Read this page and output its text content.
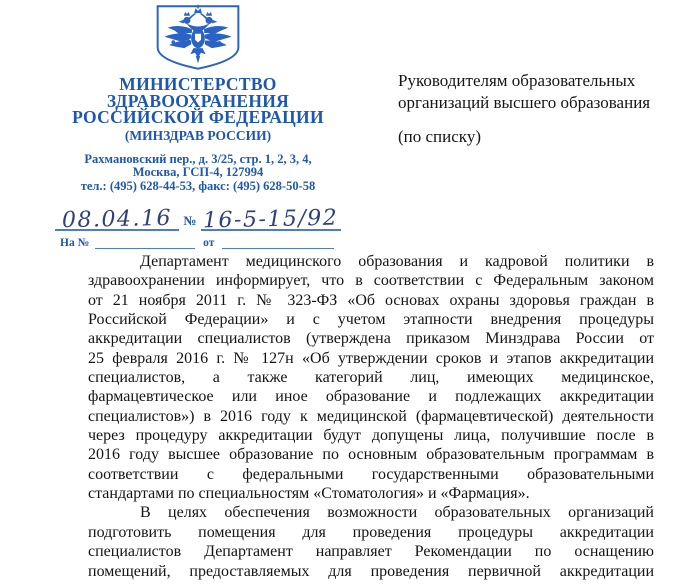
МИНИСТЕРСТВО
ЗДРАВООХРАНЕНИЯ
РОССИЙСКОЙ ФЕДЕРАЦИИ
(МИНЗДРАВ РОССИИ)
Рахмановский пер., д. 3/25, стр. 1, 2, 3, 4,
Москва, ГСП-4, 127994
тел.: (495) 628-44-53, факс: (495) 628-50-58
08.04.16 № 16-5-15/92
На №	от
Руководителям образовательных
организаций высшего образования
(по списку)
Департамент медицинского образования и кадровой политики в
здравоохранении информирует, что в соответствии с Федеральным законом
от 21 ноября 2011 г. № 323-ФЗ «Об основах охраны здоровья граждан в
Российской Федерации» и с учетом этапности внедрения процедуры
аккредитации специалистов (утверждена приказом Минздрава России от
25 февраля 2016 г. № 127н «Об утверждении сроков и этапов аккредитации
специалистов, а также категорий лиц, имеющих медицинское,
фармацевтическое или иное образование и подлежащих аккредитации
специалистов») в 2016 году к медицинской (фармацевтической) деятельности
через процедуру аккредитации будут допущены лица, получившие после в
2016 году высшее образование по основным образовательным программам в
соответствии с федеральными государственными образовательными
стандартами по специальностям «Стоматология» и «Фармация».
В целях обеспечения возможности образовательных организаций
подготовить помещения для проведения процедуры аккредитации
специалистов Департамент направляет Рекомендации по оснащению
помещений, предоставляемых для проведения первичной аккредитации
